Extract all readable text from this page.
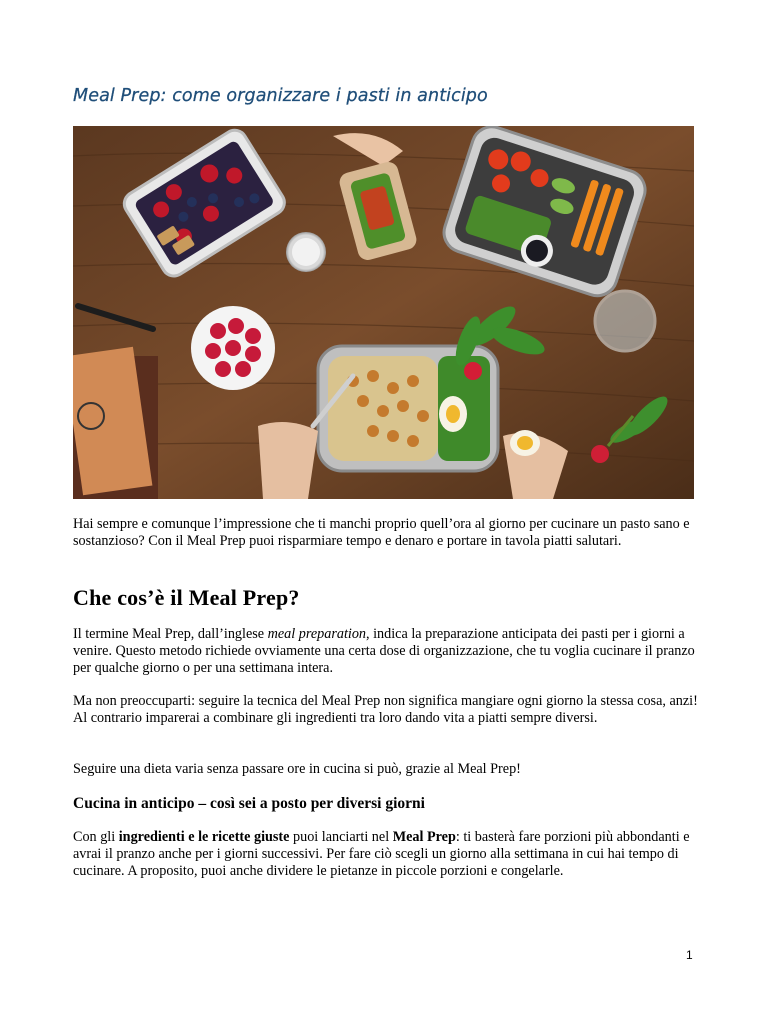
Meal Prep: come organizzare i pasti in anticipo

Hai sempre e comunque l’impressione che ti manchi proprio quell’ora al giorno per cucinare un pasto sano e sostanzioso? Con il Meal Prep puoi risparmiare tempo e denaro e portare in tavola piatti salutari.

Che cos’è il Meal Prep?

Il termine Meal Prep, dall’inglese meal preparation, indica la preparazione anticipata dei pasti per i giorni a venire. Questo metodo richiede ovviamente una certa dose di organizzazione, che tu voglia cucinare il pranzo per qualche giorno o per una settimana intera.

Ma non preoccuparti: seguire la tecnica del Meal Prep non significa mangiare ogni giorno la stessa cosa, anzi! Al contrario imparerai a combinare gli ingredienti tra loro dando vita a piatti sempre diversi.

Seguire una dieta varia senza passare ore in cucina si può, grazie al Meal Prep!

Cucina in anticipo – così sei a posto per diversi giorni

Con gli ingredienti e le ricette giuste puoi lanciarti nel Meal Prep: ti basterà fare porzioni più abbondanti e avrai il pranzo anche per i giorni successivi. Per fare ciò scegli un giorno alla settimana in cui hai tempo di cucinare. A proposito, puoi anche dividere le pietanze in piccole porzioni e congelarle.

1
